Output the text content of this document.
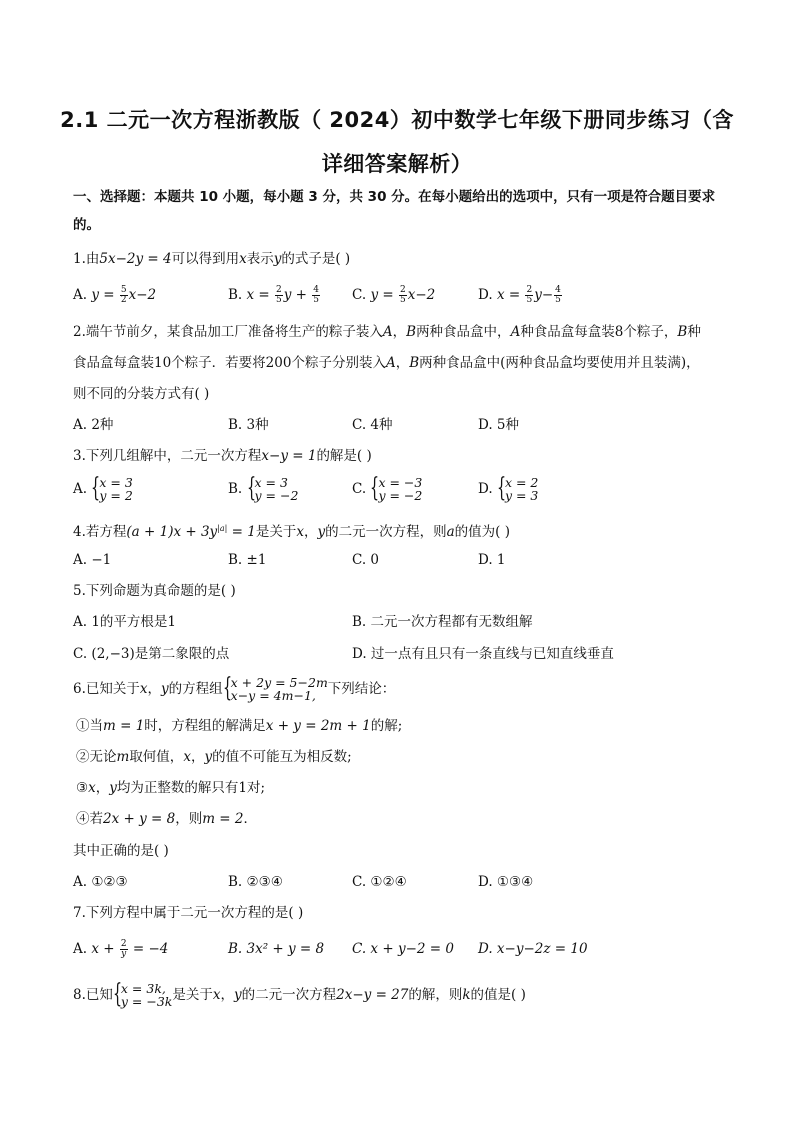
2.1 二元一次方程浙教版（ 2024）初中数学七年级下册同步练习（含
详细答案解析）
一、选择题：本题共 10 小题，每小题 3 分，共 30 分。在每小题给出的选项中，只有一项是符合题目要求
的。
1.由5x−2y = 4可以得到用x表示y的式子是( )
A. $y = \frac{5}{2} x-2$	B. $x = \frac{2}{5}$ $y + \frac{4}{5} C$. $y = \frac{2}{5} x-2$	D. $x = \frac{2}{5} y- \frac{4}{5}$
2.端午节前夕，某食品加工厂准备将生产的粽子装入A，B两种食品盒中，A种食品盒每盒装8个粽子，B种
食品盒每盒装10个粽子．若要将200个粽子分别装入A，B两种食品盒中(两种食品盒均要使用并且装满)，
则不同的分装方式有( )
A. 2种	B. 3种	C. 4种	D. 5种
3.下列几组解中，二元一次方程x−y = 1的解是( )
A. {
x = 3
y = 2	B. {
x = 3
y = −2	C. {
x = −3
y = −2	D. {
x = 2
y = 3
4.若方程$(a + 1)x + 3y^{|a|} = 1$是关于x，y的二元一次方程，则a的值为( )
A. −1	B. ±1	C. 0	D. 1
5.下列命题为真命题的是( )
A. 1的平方根是1	B. 二元一次方程都有无数组解
C. (2,−3)是第二象限的点	D. 过一点有且只有一条直线与已知直线垂直
6.已知关于x，y的方程组 {
x + 2y = 5−2m
x−y = 4m−1, 下列结论：
①当m = 1时，方程组的解满足x + y = 2m + 1的解;
②无论m取何值，x，y的值不可能互为相反数;
③x，y均为正整数的解只有1对;
④若2x + y = 8，则m = 2．
其中正确的是( )
A. ①②③	B. ②③④	C. ①②④	D. ①③④
7.下列方程中属于二元一次方程的是( )
A. $x + \frac{2}{y} = -4$	B. 3x² + y = 8 C. x + y−2 = 0 D. x−y−2z = 10
8.已知 {
x = 3k,
y = −3k 是关于x，y的二元一次方程2x−y = 27的解，则k的值是( )
